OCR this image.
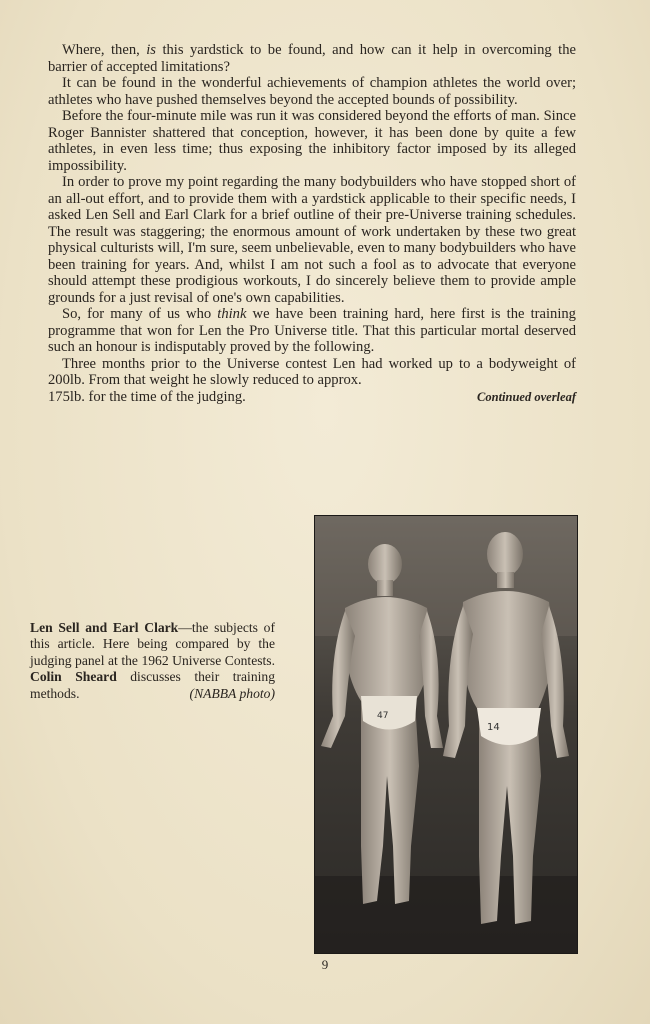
Where, then, is this yardstick to be found, and how can it help in overcoming the barrier of accepted limitations?

It can be found in the wonderful achievements of champion athletes the world over; athletes who have pushed themselves beyond the accepted bounds of possibility.

Before the four-minute mile was run it was considered beyond the efforts of man. Since Roger Bannister shattered that conception, however, it has been done by quite a few athletes, in even less time; thus exposing the inhibitory factor imposed by its alleged impossibility.

In order to prove my point regarding the many bodybuilders who have stopped short of an all-out effort, and to provide them with a yardstick applicable to their specific needs, I asked Len Sell and Earl Clark for a brief outline of their pre-Universe training schedules. The result was staggering; the enormous amount of work undertaken by these two great physical culturists will, I'm sure, seem unbelievable, even to many bodybuilders who have been training for years. And, whilst I am not such a fool as to advocate that everyone should attempt these prodigious workouts, I do sincerely believe them to provide ample grounds for a just revisal of one's own capabilities.

So, for many of us who think we have been training hard, here first is the training programme that won for Len the Pro Universe title. That this particular mortal deserved such an honour is indisputably proved by the following.

Three months prior to the Universe contest Len had worked up to a bodyweight of 200lb. From that weight he slowly reduced to approx.

175lb. for the time of the judging.	Continued overleaf
Len Sell and Earl Clark—the subjects of this article. Here being compared by the judging panel at the 1962 Universe Contests. Colin Sheard discusses their training methods.	(NABBA photo)
47
14
9
